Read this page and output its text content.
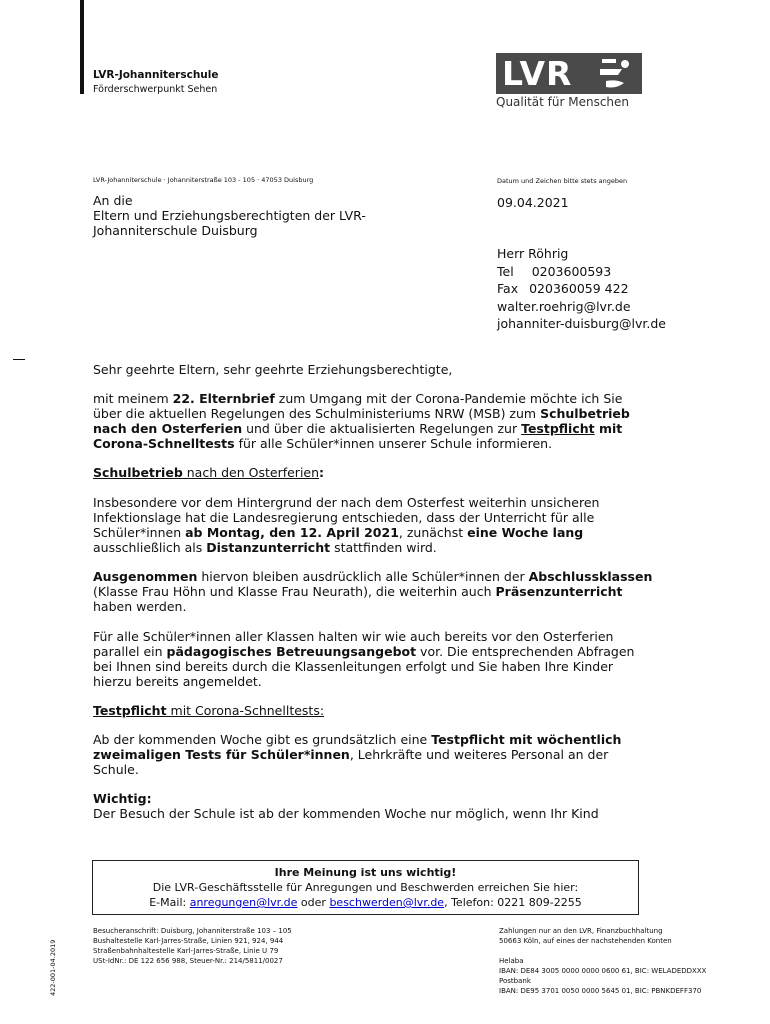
LVR-Johanniterschule
Förderschwerpunkt Sehen	LVR
Qualität für Menschen
LVR-Johanniterschule · Johanniterstraße 103 - 105 · 47053 Duisburg	Datum und Zeichen bitte stets angeben
An die
Eltern und Erziehungsberechtigten der LVR-
Johanniterschule Duisburg
09.04.2021
Herr Röhrig
Tel 0203600593
Fax 020360059 422
walter.roehrig@lvr.de
johanniter-duisburg@lvr.de

Sehr geehrte Eltern, sehr geehrte Erziehungsberechtigte,

mit meinem 22. Elternbrief zum Umgang mit der Corona-Pandemie möchte ich Sie über die aktuellen Regelungen des Schulministeriums NRW (MSB) zum Schulbetrieb nach den Osterferien und über die aktualisierten Regelungen zur Testpflicht mit Corona-Schnelltests für alle Schüler*innen unserer Schule informieren.

Schulbetrieb nach den Osterferien:

Insbesondere vor dem Hintergrund der nach dem Osterfest weiterhin unsicheren Infektionslage hat die Landesregierung entschieden, dass der Unterricht für alle Schüler*innen ab Montag, den 12. April 2021, zunächst eine Woche lang ausschließlich als Distanzunterricht stattfinden wird.

Ausgenommen hiervon bleiben ausdrücklich alle Schüler*innen der Abschlussklassen (Klasse Frau Höhn und Klasse Frau Neurath), die weiterhin auch Präsenzunterricht haben werden.

Für alle Schüler*innen aller Klassen halten wir wie auch bereits vor den Osterferien parallel ein pädagogisches Betreuungsangebot vor. Die entsprechenden Abfragen bei Ihnen sind bereits durch die Klassenleitungen erfolgt und Sie haben Ihre Kinder hierzu bereits angemeldet.

Testpflicht mit Corona-Schnelltests:

Ab der kommenden Woche gibt es grundsätzlich eine Testpflicht mit wöchentlich zweimaligen Tests für Schüler*innen, Lehrkräfte und weiteres Personal an der Schule.

Wichtig:

Der Besuch der Schule ist ab der kommenden Woche nur möglich, wenn Ihr Kind

Ihre Meinung ist uns wichtig!
Die LVR-Geschäftsstelle für Anregungen und Beschwerden erreichen Sie hier:
E-Mail: anregungen@lvr.de oder beschwerden@lvr.de, Telefon: 0221 809-2255
422-001-04.2019
Besucheranschrift: Duisburg, Johanniterstraße 103 – 105
Bushaltestelle Karl-Jarres-Straße, Linien 921, 924, 944
Straßenbahnhaltestelle Karl-Jarres-Straße, Linie U 79
USt-IdNr.: DE 122 656 988, Steuer-Nr.: 214/5811/0027
Zahlungen nur an den LVR, Finanzbuchhaltung
50663 Köln, auf eines der nachstehenden Konten
Helaba
IBAN: DE84 3005 0000 0000 0600 61, BIC: WELADEDDXXX
Postbank
IBAN: DE95 3701 0050 0000 5645 01, BIC: PBNKDEFF370
